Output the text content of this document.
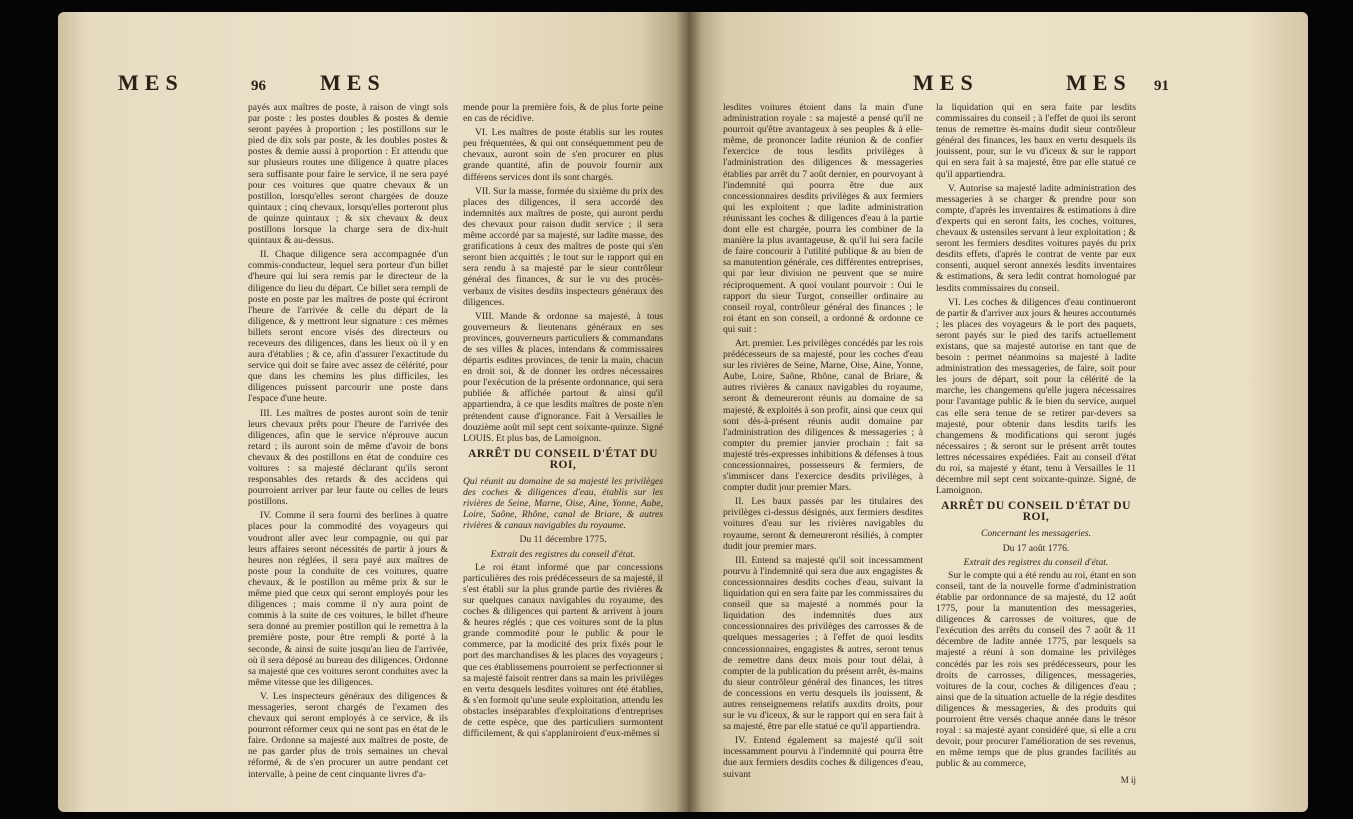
MES	96 MES

payés aux maîtres de poste, à raison de vingt sols par poste : les postes doubles & postes & demie seront payées à proportion ; les postillons sur le pied de dix sols par poste, & les doubles postes & postes & demie aussi à proportion : Et attendu que sur plusieurs routes une diligence à quatre places sera suffisante pour faire le service, il ne sera payé pour ces voitures que quatre chevaux & un postillon, lorsqu'elles seront chargées de douze quintaux ; cinq chevaux, lorsqu'elles porteront plus de quinze quintaux ; & six chevaux & deux postillons lorsque la charge sera de dix-huit quintaux & au-dessus.

II. Chaque diligence sera accompagnée d'un commis-conducteur, lequel sera porteur d'un billet d'heure qui lui sera remis par le directeur de la diligence du lieu du départ. Ce billet sera rempli de poste en poste par les maîtres de poste qui écriront l'heure de l'arrivée & celle du départ de la diligence, & y mettront leur signature : ces mêmes billets seront encore visés des directeurs ou receveurs des diligences, dans les lieux où il y en aura d'établies ; & ce, afin d'assurer l'exactitude du service qui doit se faire avec assez de célérité, pour que dans les chemins les plus difficiles, les diligences puissent parcourir une poste dans l'espace d'une heure.

III. Les maîtres de postes auront soin de tenir leurs chevaux prêts pour l'heure de l'arrivée des diligences, afin que le service n'éprouve aucun retard ; ils auront soin de même d'avoir de bons chevaux & des postillons en état de conduire ces voitures : sa majesté déclarant qu'ils seront responsables des retards & des accidens qui pourroient arriver par leur faute ou celles de leurs postillons.

IV. Comme il sera fourni des berlines à quatre places pour la commodité des voyageurs qui voudront aller avec leur compagnie, ou qui par leurs affaires seront nécessités de partir à jours & heures non réglées, il sera payé aux maîtres de poste pour la conduite de ces voitures, quatre chevaux, & le postillon au même prix & sur le même pied que ceux qui seront employés pour les diligences ; mais comme il n'y aura point de commis à la suite de ces voitures, le billet d'heure sera donné au premier postillon qui le remettra à la première poste, pour être rempli & porté à la seconde, & ainsi de suite jusqu'au lieu de l'arrivée, où il sera déposé au bureau des diligences. Ordonne sa majesté que ces voitures seront conduites avec la même vitesse que les diligences.

V. Les inspecteurs généraux des diligences & messageries, seront chargés de l'examen des chevaux qui seront employés à ce service, & ils pourront réformer ceux qui ne sont pas en état de le faire. Ordonne sa majesté aux maîtres de poste, de ne pas garder plus de trois semaines un cheval réformé, & de s'en procurer un autre pendant cet intervalle, à peine de cent cinquante livres d'a-

mende pour la première fois, & de plus forte peine en cas de récidive.

VI. Les maîtres de poste établis sur les routes peu fréquentées, & qui ont conséquemment peu de chevaux, auront soin de s'en procurer en plus grande quantité, afin de pouvoir fournir aux différens services dont ils sont chargés.

VII. Sur la masse, formée du sixième du prix des places des diligences, il sera accordé des indemnités aux maîtres de poste, qui auront perdu des chevaux pour raison dudit service ; il sera même accordé par sa majesté, sur ladite masse, des gratifications à ceux des maîtres de poste qui s'en seront bien acquittés ; le tout sur le rapport qui en sera rendu à sa majesté par le sieur contrôleur général des finances, & sur le vu des procès-verbaux de visites desdits inspecteurs généraux des diligences.

VIII. Mande & ordonne sa majesté, à tous gouverneurs & lieutenans généraux en ses provinces, gouverneurs particuliers & commandans de ses villes & places, intendans & commissaires départis esdites provinces, de tenir la main, chacun en droit soi, & de donner les ordres nécessaires pour l'exécution de la présente ordonnance, qui sera publiée & affichée partout & ainsi qu'il appartiendra, à ce que lesdits maîtres de poste n'en prétendent cause d'ignorance. Fait à Versailles le douzième août mil sept cent soixante-quinze. Signé LOUIS. Et plus bas, de Lamoignon.

ARRÊT DU CONSEIL D'ÉTAT DU ROI,
Qui réunit au domaine de sa majesté les privilèges des coches & diligences d'eau, établis sur les rivières de Seine, Marne, Oise, Aine, Yonne, Aube, Loire, Saône, Rhône, canal de Briare, & autres rivières & canaux navigables du royaume.
Du 11 décembre 1775.
Extrait des registres du conseil d'état.

Le roi étant informé que par concessions particulières des rois prédécesseurs de sa majesté, il s'est établi sur la plus grande partie des rivières & sur quelques canaux navigables du royaume, des coches & diligences qui partent & arrivent à jours & heures réglés ; que ces voitures sont de la plus grande commodité pour le public & pour le commerce, par la modicité des prix fixés pour le port des marchandises & les places des voyageurs ; que ces établissemens pourroient se perfectionner si sa majesté faisoit rentrer dans sa main les privilèges en vertu desquels lesdites voitures ont été établies, & s'en formoit qu'une seule exploitation, attendu les obstacles inséparables d'exploitations d'entreprises de cette espèce, que des particuliers surmontent difficilement, & qui s'applaniroient d'eux-mêmes si

MES	MES 91

lesdites voitures étoient dans la main d'une administration royale : sa majesté a pensé qu'il ne pourroit qu'être avantageux à ses peuples & à elle-même, de prononcer ladite réunion & de confier l'exercice de tous lesdits privilèges à l'administration des diligences & messageries établies par arrêt du 7 août dernier, en pourvoyant à l'indemnité qui pourra être due aux concessionnaires desdits privilèges & aux fermiers qui les exploitent ; que ladite administration réunissant les coches & diligences d'eau à la partie dont elle est chargée, pourra les combiner de la manière la plus avantageuse, & qu'il lui sera facile de faire concourir à l'utilité publique & au bien de sa manutention générale, ces différentes entreprises, qui par leur division ne peuvent que se nuire réciproquement. A quoi voulant pourvoir : Oui le rapport du sieur Turgot, conseiller ordinaire au conseil royal, contrôleur général des finances ; le roi étant en son conseil, a ordonné & ordonne ce qui suit :

Art. premier. Les privilèges concédés par les rois prédécesseurs de sa majesté, pour les coches d'eau sur les rivières de Seine, Marne, Oise, Aine, Yonne, Aube, Loire, Saône, Rhône, canal de Briare, & autres rivières & canaux navigables du royaume, seront & demeureront réunis au domaine de sa majesté, & exploités à son profit, ainsi que ceux qui sont dès-à-présent réunis audit domaine par l'administration des diligences & messageries ; à compter du premier janvier prochain : fait sa majesté très-expresses inhibitions & défenses à tous concessionnaires, possesseurs & fermiers, de s'immiscer dans l'exercice desdits privilèges, à compter dudit jour premier Mars.

II. Les baux passés par les titulaires des privilèges ci-dessus désignés, aux fermiers desdites voitures d'eau sur les rivières navigables du royaume, seront & demeureront résiliés, à compter dudit jour premier mars.

III. Entend sa majesté qu'il soit incessamment pourvu à l'indemnité qui sera due aux engagistes & concessionnaires desdits coches d'eau, suivant la liquidation qui en sera faite par les commissaires du conseil que sa majesté a nommés pour la liquidation des indemnités dues aux concessionnaires des privilèges des carrosses & de quelques messageries ; à l'effet de quoi lesdits concessionnaires, engagistes & autres, seront tenus de remettre dans deux mois pour tout délai, à compter de la publication du présent arrêt, ès-mains du sieur contrôleur général des finances, les titres de concessions en vertu desquels ils jouissent, & autres renseignemens relatifs auxdits droits, pour sur le vu d'iceux, & sur le rapport qui en sera fait à sa majesté, être par elle statué ce qu'il appartiendra.

IV. Entend également sa majesté qu'il soit incessamment pourvu à l'indemnité qui pourra être due aux fermiers desdits coches & diligences d'eau, suivant

la liquidation qui en sera faite par lesdits commissaires du conseil ; à l'effet de quoi ils seront tenus de remettre ès-mains dudit sieur contrôleur général des finances, les baux en vertu desquels ils jouissent, pour, sur le vu d'iceux & sur le rapport qui en sera fait à sa majesté, être par elle statué ce qu'il appartiendra.

V. Autorise sa majesté ladite administration des messageries à se charger & prendre pour son compte, d'après les inventaires & estimations à dire d'experts qui en seront faits, les coches, voitures, chevaux & ustensiles servant à leur exploitation ; & seront les fermiers desdites voitures payés du prix desdits effets, d'après le contrat de vente par eux consenti, auquel seront annexés lesdits inventaires & estimations, & sera ledit contrat homologué par lesdits commissaires du conseil.

VI. Les coches & diligences d'eau continueront de partir & d'arriver aux jours & heures accoutumés ; les places des voyageurs & le port des paquets, seront payés sur le pied des tarifs actuellement existans, que sa majesté autorise en tant que de besoin : permet néanmoins sa majesté à ladite administration des messageries, de faire, soit pour les jours de départ, soit pour la célérité de la marche, les changemens qu'elle jugera nécessaires pour l'avantage public & le bien du service, auquel cas elle sera tenue de se retirer par-devers sa majesté, pour obtenir dans lesdits tarifs les changemens & modifications qui seront jugés nécessaires ; & seront sur le présent arrêt toutes lettres nécessaires expédiées. Fait au conseil d'état du roi, sa majesté y étant, tenu à Versailles le 11 décembre mil sept cent soixante-quinze. Signé, de Lamoignon.

ARRÊT DU CONSEIL D'ÉTAT DU ROI,
Concernant les messageries.
Du 17 août 1776.
Extrait des registres du conseil d'état.

Sur le compte qui a été rendu au roi, étant en son conseil, tant de la nouvelle forme d'administration établie par ordonnance de sa majesté, du 12 août 1775, pour la manutention des messageries, diligences & carrosses de voitures, que de l'exécution des arrêts du conseil des 7 août & 11 décembre de ladite année 1775, par lesquels sa majesté a réuni à son domaine les privilèges concédés par les rois ses prédécesseurs, pour les droits de carrosses, diligences, messageries, voitures de la cour, coches & diligences d'eau ; ainsi que de la situation actuelle de la régie desdites diligences & messageries, & des produits qui pourroient être versés chaque année dans le trésor royal : sa majesté ayant considéré que, si elle a cru devoir, pour procurer l'amélioration de ses revenus, en même temps que de plus grandes facilités au public & au commerce,

M ij
